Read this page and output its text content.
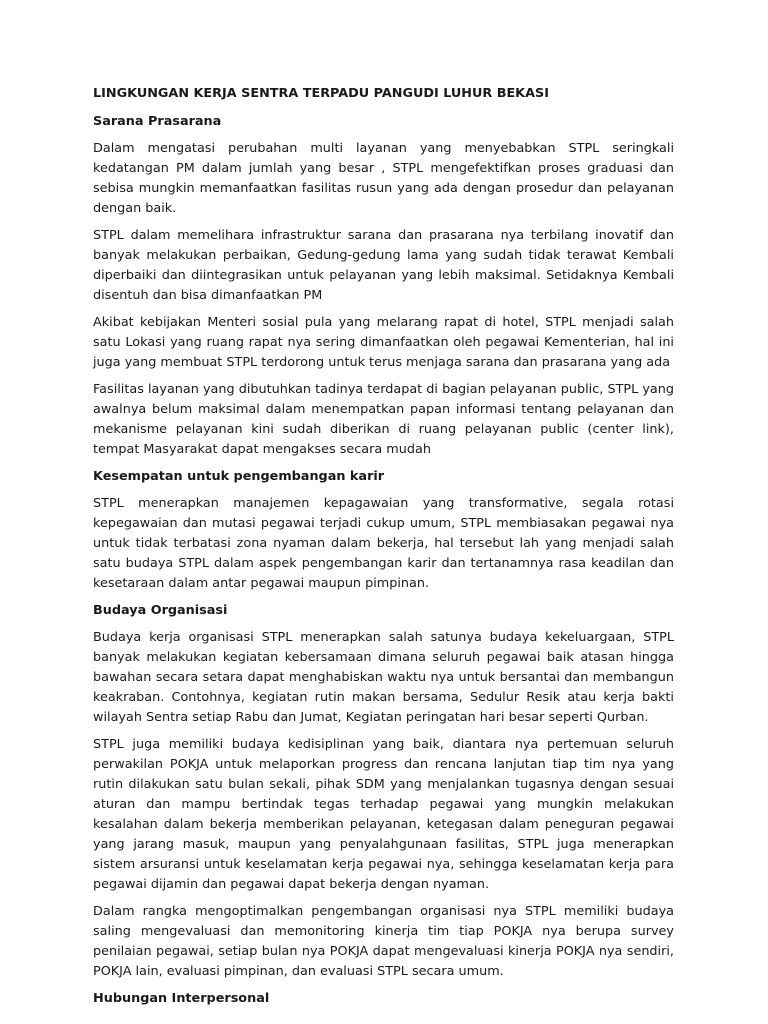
LINGKUNGAN KERJA SENTRA TERPADU PANGUDI LUHUR BEKASI

Sarana Prasarana

Dalam mengatasi perubahan multi layanan yang menyebabkan STPL seringkali kedatangan PM dalam jumlah yang besar , STPL mengefektifkan proses graduasi dan sebisa mungkin memanfaatkan fasilitas rusun yang ada dengan prosedur dan pelayanan dengan baik.

STPL dalam memelihara infrastruktur sarana dan prasarana nya terbilang inovatif dan banyak melakukan perbaikan, Gedung-gedung lama yang sudah tidak terawat Kembali diperbaiki dan diintegrasikan untuk pelayanan yang lebih maksimal. Setidaknya Kembali disentuh dan bisa dimanfaatkan PM

Akibat kebijakan Menteri sosial pula yang melarang rapat di hotel, STPL menjadi salah satu Lokasi yang ruang rapat nya sering dimanfaatkan oleh pegawai Kementerian, hal ini juga yang membuat STPL terdorong untuk terus menjaga sarana dan prasarana yang ada

Fasilitas layanan yang dibutuhkan tadinya terdapat di bagian pelayanan public, STPL yang awalnya belum maksimal dalam menempatkan papan informasi tentang pelayanan dan mekanisme pelayanan kini sudah diberikan di ruang pelayanan public (center link), tempat Masyarakat dapat mengakses secara mudah

Kesempatan untuk pengembangan karir

STPL menerapkan manajemen kepagawaian yang transformative, segala rotasi kepegawaian dan mutasi pegawai terjadi cukup umum, STPL membiasakan pegawai nya untuk tidak terbatasi zona nyaman dalam bekerja, hal tersebut lah yang menjadi salah satu budaya STPL dalam aspek pengembangan karir dan tertanamnya rasa keadilan dan kesetaraan dalam antar pegawai maupun pimpinan.

Budaya Organisasi

Budaya kerja organisasi STPL menerapkan salah satunya budaya kekeluargaan, STPL banyak melakukan kegiatan kebersamaan dimana seluruh pegawai baik atasan hingga bawahan secara setara dapat menghabiskan waktu nya untuk bersantai dan membangun keakraban. Contohnya, kegiatan rutin makan bersama, Sedulur Resik atau kerja bakti wilayah Sentra setiap Rabu dan Jumat, Kegiatan peringatan hari besar seperti Qurban.

STPL juga memiliki budaya kedisiplinan yang baik, diantara nya pertemuan seluruh perwakilan POKJA untuk melaporkan progress dan rencana lanjutan tiap tim nya yang rutin dilakukan satu bulan sekali, pihak SDM yang menjalankan tugasnya dengan sesuai aturan dan mampu bertindak tegas terhadap pegawai yang mungkin melakukan kesalahan dalam bekerja memberikan pelayanan, ketegasan dalam peneguran pegawai yang jarang masuk, maupun yang penyalahgunaan fasilitas, STPL juga menerapkan sistem arsuransi untuk keselamatan kerja pegawai nya, sehingga keselamatan kerja para pegawai dijamin dan pegawai dapat bekerja dengan nyaman.

Dalam rangka mengoptimalkan pengembangan organisasi nya STPL memiliki budaya saling mengevaluasi dan memonitoring kinerja tim tiap POKJA nya berupa survey penilaian pegawai, setiap bulan nya POKJA dapat mengevaluasi kinerja POKJA nya sendiri, POKJA lain, evaluasi pimpinan, dan evaluasi STPL secara umum.

Hubungan Interpersonal
